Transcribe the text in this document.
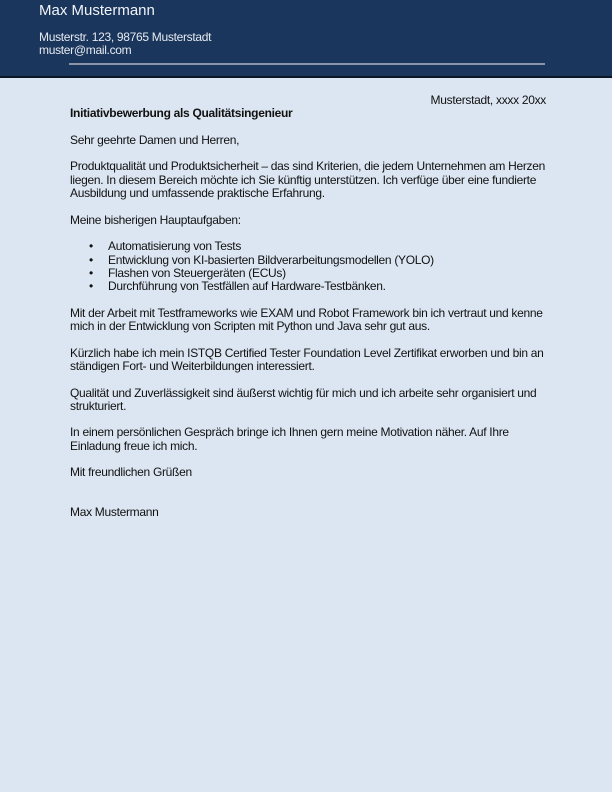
Max Mustermann
Musterstr. 123, 98765 Musterstadt
muster@mail.com
Musterstadt, xxxx 20xx
Initiativbewerbung als Qualitätsingenieur

Sehr geehrte Damen und Herren,

Produktqualität und Produktsicherheit – das sind Kriterien, die jedem Unternehmen am Herzen liegen. In diesem Bereich möchte ich Sie künftig unterstützen. Ich verfüge über eine fundierte Ausbildung und umfassende praktische Erfahrung.

Meine bisherigen Hauptaufgaben:

• Automatisierung von Tests
• Entwicklung von KI-basierten Bildverarbeitungsmodellen (YOLO)
• Flashen von Steuergeräten (ECUs)
• Durchführung von Testfällen auf Hardware-Testbänken.

Mit der Arbeit mit Testframeworks wie EXAM und Robot Framework bin ich vertraut und kenne mich in der Entwicklung von Scripten mit Python und Java sehr gut aus.

Kürzlich habe ich mein ISTQB Certified Tester Foundation Level Zertifikat erworben und bin an ständigen Fort- und Weiterbildungen interessiert.

Qualität und Zuverlässigkeit sind äußerst wichtig für mich und ich arbeite sehr organisiert und strukturiert.

In einem persönlichen Gespräch bringe ich Ihnen gern meine Motivation näher. Auf Ihre Einladung freue ich mich.

Mit freundlichen Grüßen

Max Mustermann
